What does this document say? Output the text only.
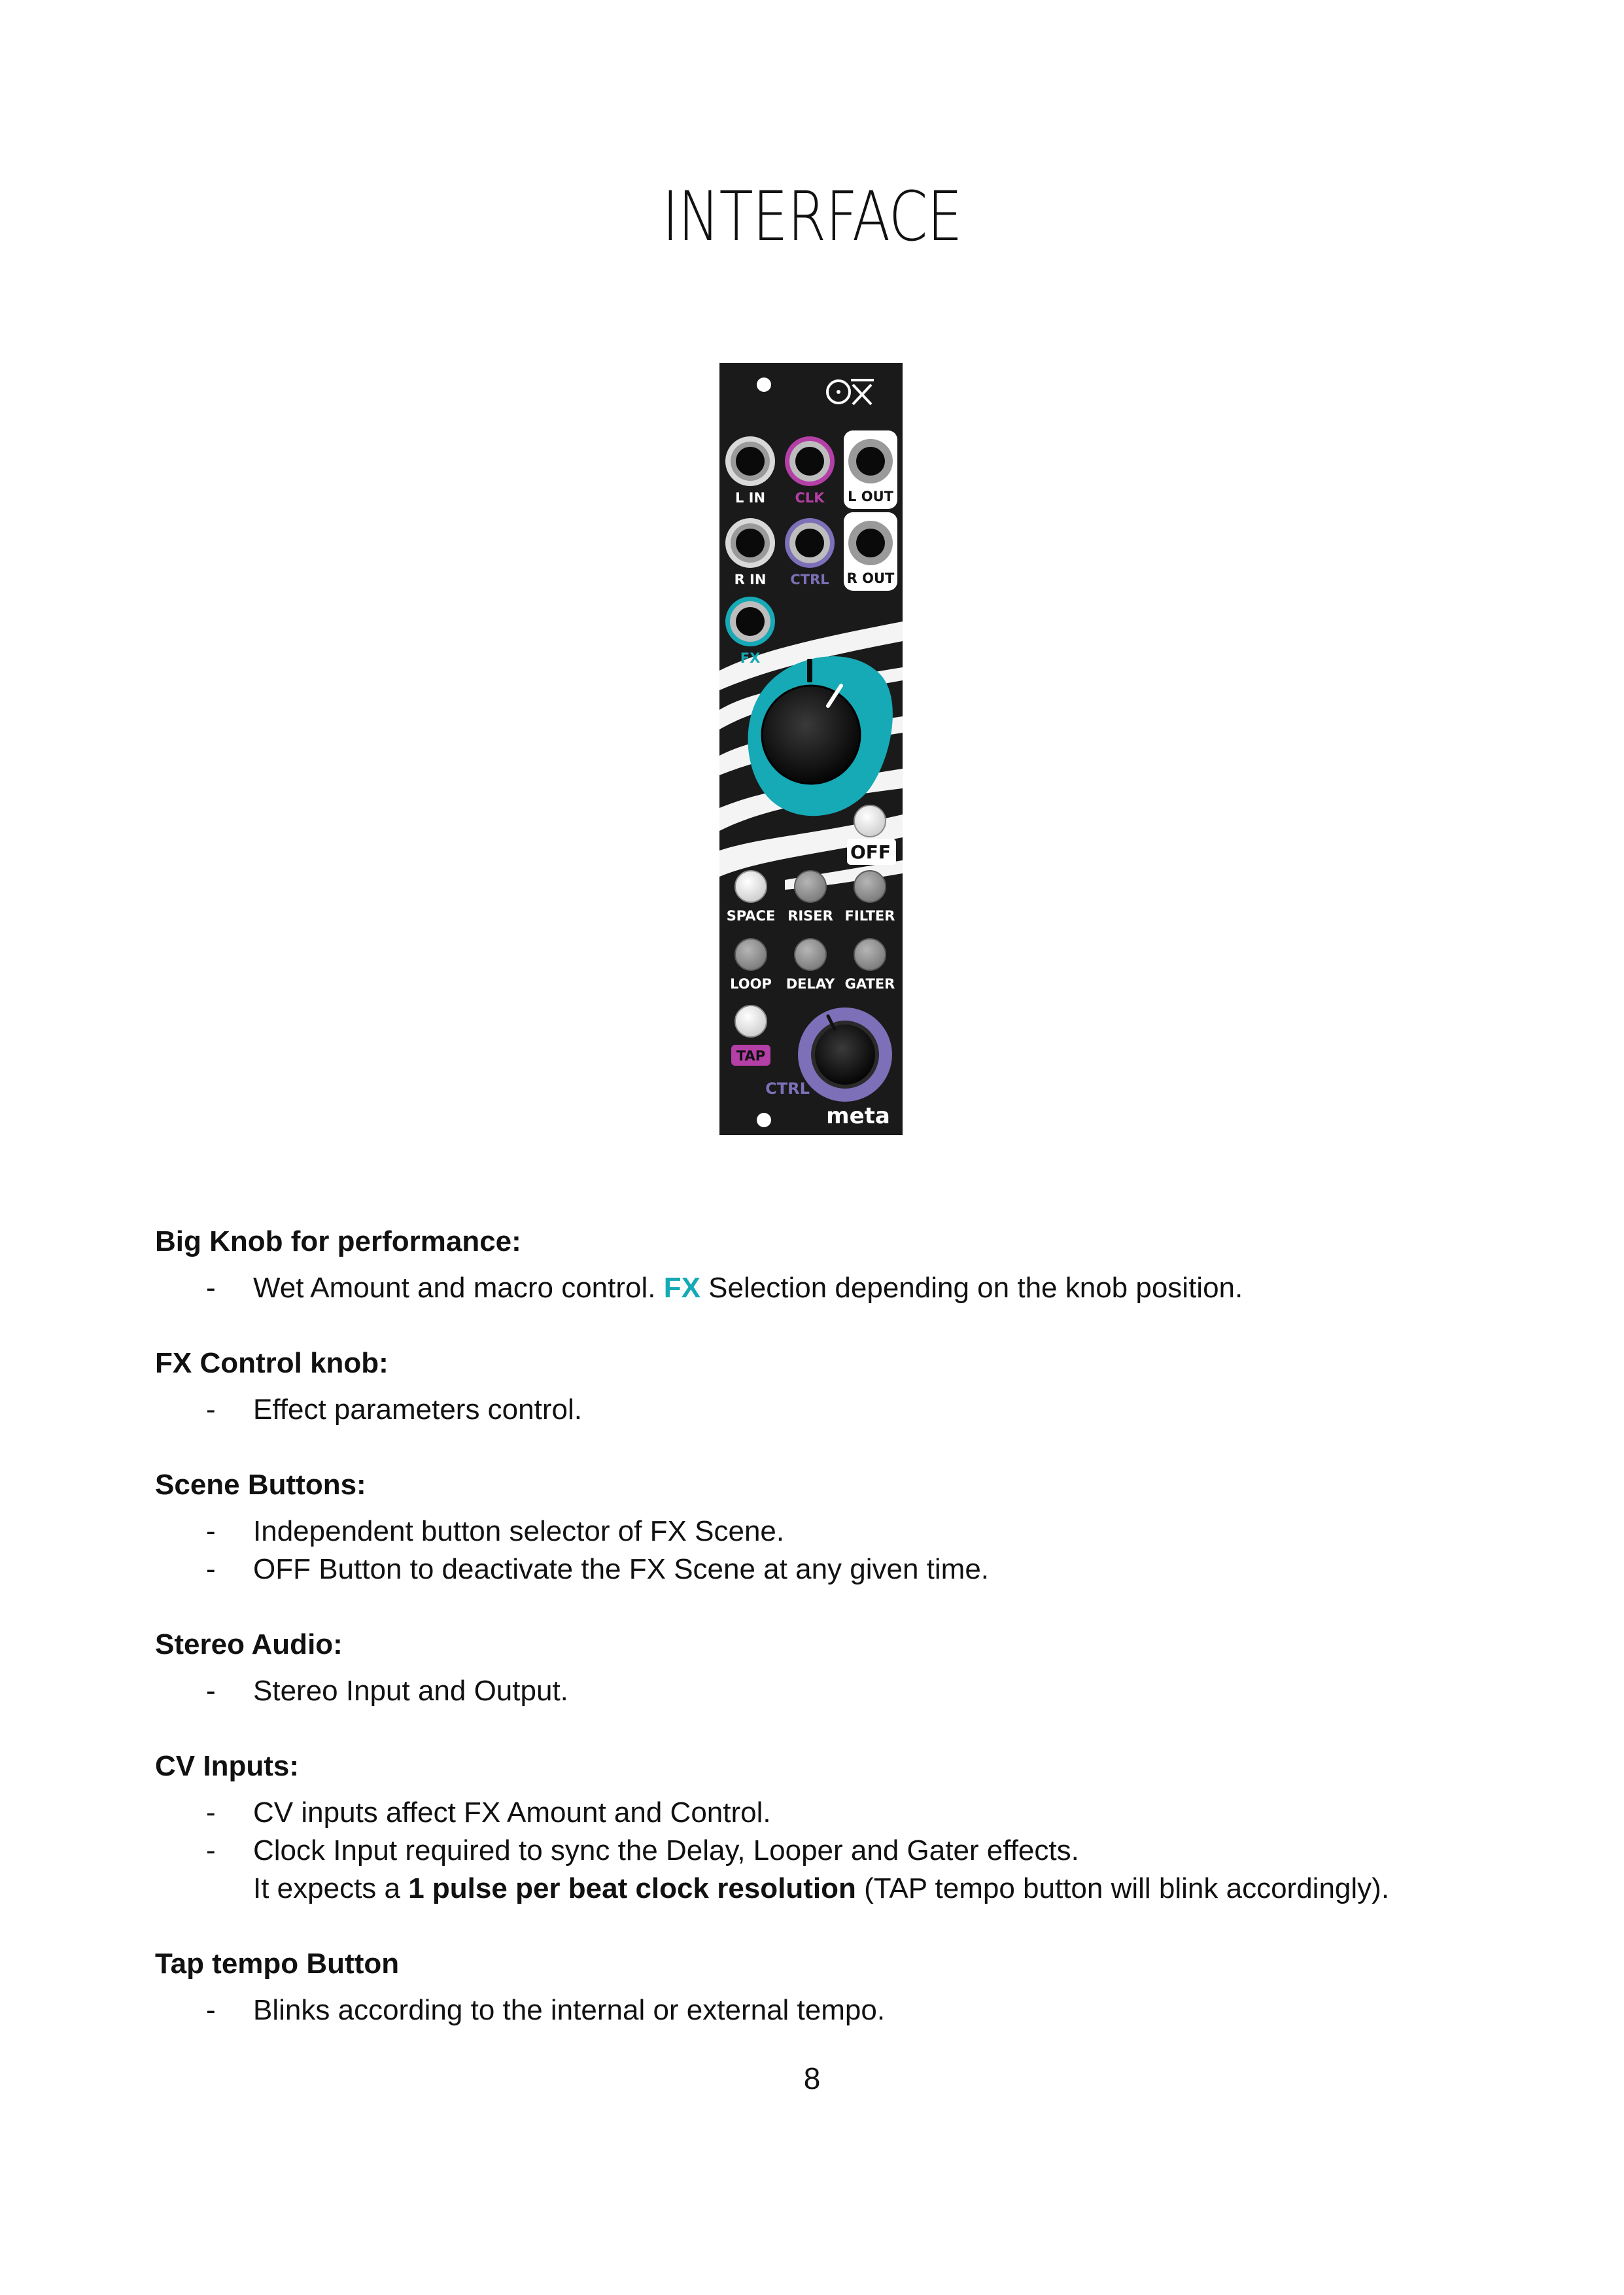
INTERFACE
L IN CLK L OUT
R IN CTRL R OUT
FX
OFF
SPACE RISER FILTER
LOOP DELAY GATER
TAP
CTRL
meta
Big Knob for performance:
- Wet Amount and macro control. FX Selection depending on the knob position.
FX Control knob:
- Effect parameters control.
Scene Buttons:
- Independent button selector of FX Scene.
- OFF Button to deactivate the FX Scene at any given time.
Stereo Audio:
- Stereo Input and Output.
CV Inputs:
- CV inputs affect FX Amount and Control.
- Clock Input required to sync the Delay, Looper and Gater effects.
It expects a 1 pulse per beat clock resolution (TAP tempo button will blink accordingly).
Tap tempo Button
- Blinks according to the internal or external tempo.
8
